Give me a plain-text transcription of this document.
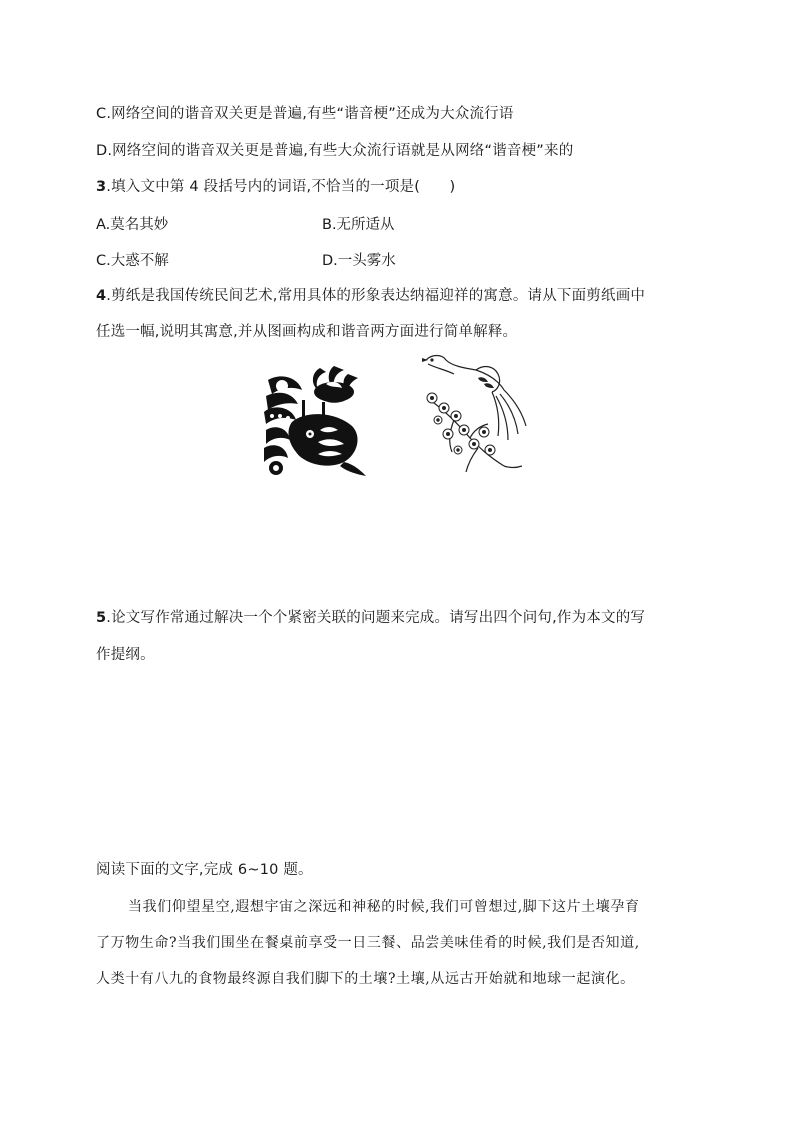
C.网络空间的谐音双关更是普遍,有些“谐音梗”还成为大众流行语
D.网络空间的谐音双关更是普遍,有些大众流行语就是从网络“谐音梗”来的
3.填入文中第 4 段括号内的词语,不恰当的一项是(　　)
A.莫名其妙	B.无所适从
C.大惑不解	D.一头雾水
4.剪纸是我国传统民间艺术,常用具体的形象表达纳福迎祥的寓意。请从下面剪纸画中
任选一幅,说明其寓意,并从图画构成和谐音两方面进行简单解释。
5.论文写作常通过解决一个个紧密关联的问题来完成。请写出四个问句,作为本文的写
作提纲。
阅读下面的文字,完成 6~10 题。
当我们仰望星空,遐想宇宙之深远和神秘的时候,我们可曾想过,脚下这片土壤孕育
了万物生命?当我们围坐在餐桌前享受一日三餐、品尝美味佳肴的时候,我们是否知道,
人类十有八九的食物最终源自我们脚下的土壤?土壤,从远古开始就和地球一起演化。
